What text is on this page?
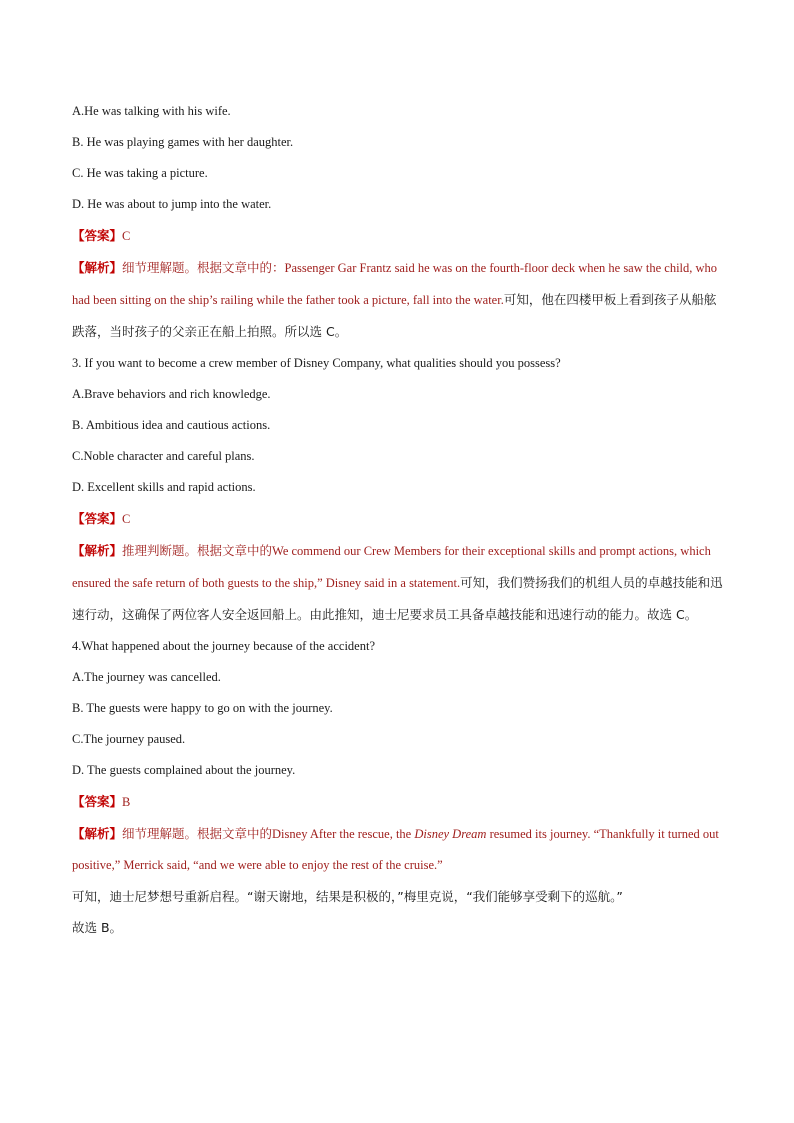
A.He was talking with his wife.
B. He was playing games with her daughter.
C. He was taking a picture.
D. He was about to jump into the water.
【答案】C
【解析】细节理解题。根据文章中的：Passenger Gar Frantz said he was on the fourth-floor deck when he saw the child, who had been sitting on the ship’s railing while the father took a picture, fall into the water.可知，他在四楼甲板上看到孩子从船舷跌落，当时孩子的父亲正在船上拍照。所以选 C。
3. If you want to become a crew member of Disney Company, what qualities should you possess?
A.Brave behaviors and rich knowledge.
B. Ambitious idea and cautious actions.
C.Noble character and careful plans.
D. Excellent skills and rapid actions.
【答案】C
【解析】推理判断题。根据文章中的We commend our Crew Members for their exceptional skills and prompt actions, which ensured the safe return of both guests to the ship,” Disney said in a statement.可知，我们赞扬我们的机组人员的卓越技能和迅速行动，这确保了两位客人安全返回船上。由此推知，迪士尼要求员工具备卓越技能和迅速行动的能力。故选 C。
4.What happened about the journey because of the accident?
A.The journey was cancelled.
B. The guests were happy to go on with the journey.
C.The journey paused.
D. The guests complained about the journey.
【答案】B
【解析】细节理解题。根据文章中的Disney After the rescue, the Disney Dream resumed its journey. “Thankfully it turned out positive,” Merrick said, “and we were able to enjoy the rest of the cruise.”
可知，迪士尼梦想号重新启程。“谢天谢地，结果是积极的，”梅里克说，“我们能够享受剩下的巡航。”
故选 B。
